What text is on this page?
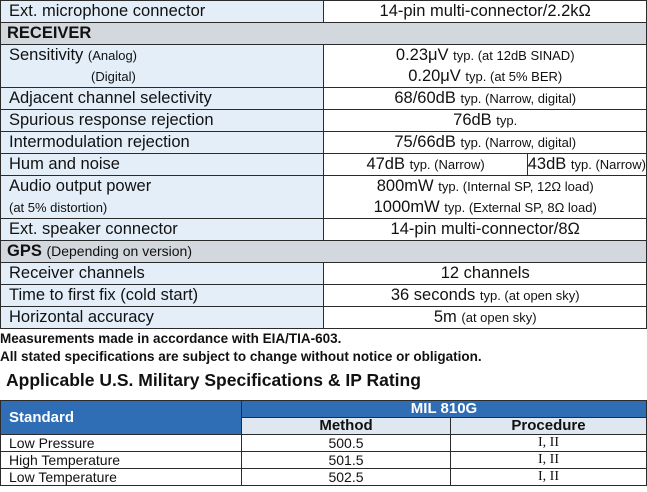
Ext. microphone connector	14-pin multi-connector/2.2kΩ	
RECEIVER		
Sensitivity (Analog)	0.23μV typ. (at 12dB SINAD)	
(Digital)	0.20μV typ. (at 5% BER)	
Adjacent channel selectivity	68/60dB typ. (Narrow, digital)	
Spurious response rejection	76dB typ.	
Intermodulation rejection	75/66dB typ. (Narrow, digital)	
Hum and noise	47dB typ. (Narrow)	43dB typ. (Narrow)
Audio output power	800mW typ. (Internal SP, 12Ω load)	
(at 5% distortion)	1000mW typ. (External SP, 8Ω load)	
Ext. speaker connector	14-pin multi-connector/8Ω	
GPS (Depending on version)		
Receiver channels	12 channels	
Time to first fix (cold start)	36 seconds typ. (at open sky)	
Horizontal accuracy	5m (at open sky)	
Measurements made in accordance with EIA/TIA-603.
All stated specifications are subject to change without notice or obligation.
Applicable U.S. Military Specifications & IP Rating
Standard	MIL 810G	
	Method	Procedure
Low Pressure	500.5	I, II
High Temperature	501.5	I, II
Low Temperature	502.5	I, II
